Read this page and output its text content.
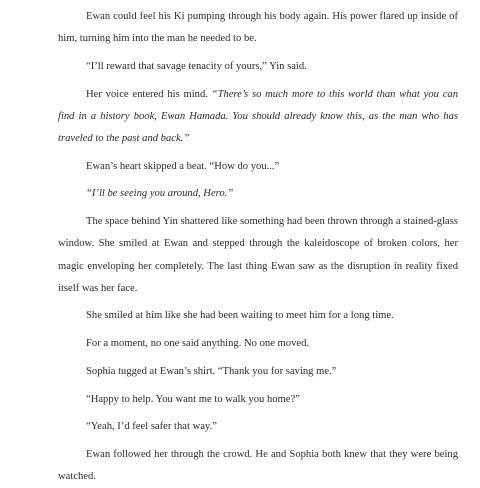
Ewan could feel his Ki pumping through his body again. His power flared up inside of him, turning him into the man he needed to be.

“I’ll reward that savage tenacity of yours,” Yin said.

Her voice entered his mind. “There’s so much more to this world than what you can find in a history book, Ewan Hamada. You should already know this, as the man who has traveled to the past and back.”

Ewan’s heart skipped a beat. “How do you...”

“I’ll be seeing you around, Hero.”

The space behind Yin shattered like something had been thrown through a stained-glass window. She smiled at Ewan and stepped through the kaleidoscope of broken colors, her magic enveloping her completely. The last thing Ewan saw as the disruption in reality fixed itself was her face.

She smiled at him like she had been waiting to meet him for a long time.

For a moment, no one said anything. No one moved.

Sophia tugged at Ewan’s shirt. “Thank you for saving me.”

“Happy to help. You want me to walk you home?”

“Yeah, I’d feel safer that way.”

Ewan followed her through the crowd. He and Sophia both knew that they were being watched.
